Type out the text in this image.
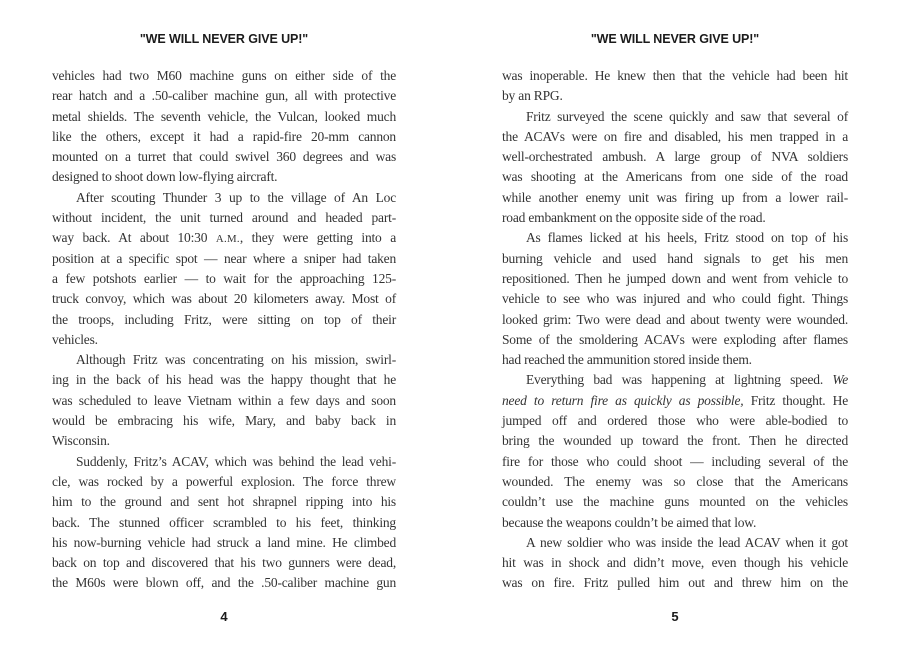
"WE WILL NEVER GIVE UP!"
vehicles had two M60 machine guns on either side of the
rear hatch and a .50-caliber machine gun, all with protective
metal shields. The seventh vehicle, the Vulcan, looked much
like the others, except it had a rapid-fire 20-mm cannon
mounted on a turret that could swivel 360 degrees and was
designed to shoot down low-flying aircraft.
After scouting Thunder 3 up to the village of An Loc
without incident, the unit turned around and headed part-
way back. At about 10:30 A.M., they were getting into a
position at a specific spot — near where a sniper had taken
a few potshots earlier — to wait for the approaching 125-
truck convoy, which was about 20 kilometers away. Most of
the troops, including Fritz, were sitting on top of their
vehicles.
Although Fritz was concentrating on his mission, swirl-
ing in the back of his head was the happy thought that he
was scheduled to leave Vietnam within a few days and soon
would be embracing his wife, Mary, and baby back in
Wisconsin.
Suddenly, Fritz’s ACAV, which was behind the lead vehi-
cle, was rocked by a powerful explosion. The force threw
him to the ground and sent hot shrapnel ripping into his
back. The stunned officer scrambled to his feet, thinking
his now-burning vehicle had struck a land mine. He climbed
back on top and discovered that his two gunners were dead,
the M60s were blown off, and the .50-caliber machine gun
4
"WE WILL NEVER GIVE UP!"
was inoperable. He knew then that the vehicle had been hit
by an RPG.
Fritz surveyed the scene quickly and saw that several of
the ACAVs were on fire and disabled, his men trapped in a
well-orchestrated ambush. A large group of NVA soldiers
was shooting at the Americans from one side of the road
while another enemy unit was firing up from a lower rail-
road embankment on the opposite side of the road.
As flames licked at his heels, Fritz stood on top of his
burning vehicle and used hand signals to get his men
repositioned. Then he jumped down and went from vehicle to
vehicle to see who was injured and who could fight. Things
looked grim: Two were dead and about twenty were wounded.
Some of the smoldering ACAVs were exploding after flames
had reached the ammunition stored inside them.
Everything bad was happening at lightning speed. We
need to return fire as quickly as possible, Fritz thought. He
jumped off and ordered those who were able-bodied to
bring the wounded up toward the front. Then he directed
fire for those who could shoot — including several of the
wounded. The enemy was so close that the Americans
couldn’t use the machine guns mounted on the vehicles
because the weapons couldn’t be aimed that low.
A new soldier who was inside the lead ACAV when it got
hit was in shock and didn’t move, even though his vehicle
was on fire. Fritz pulled him out and threw him on the
5
